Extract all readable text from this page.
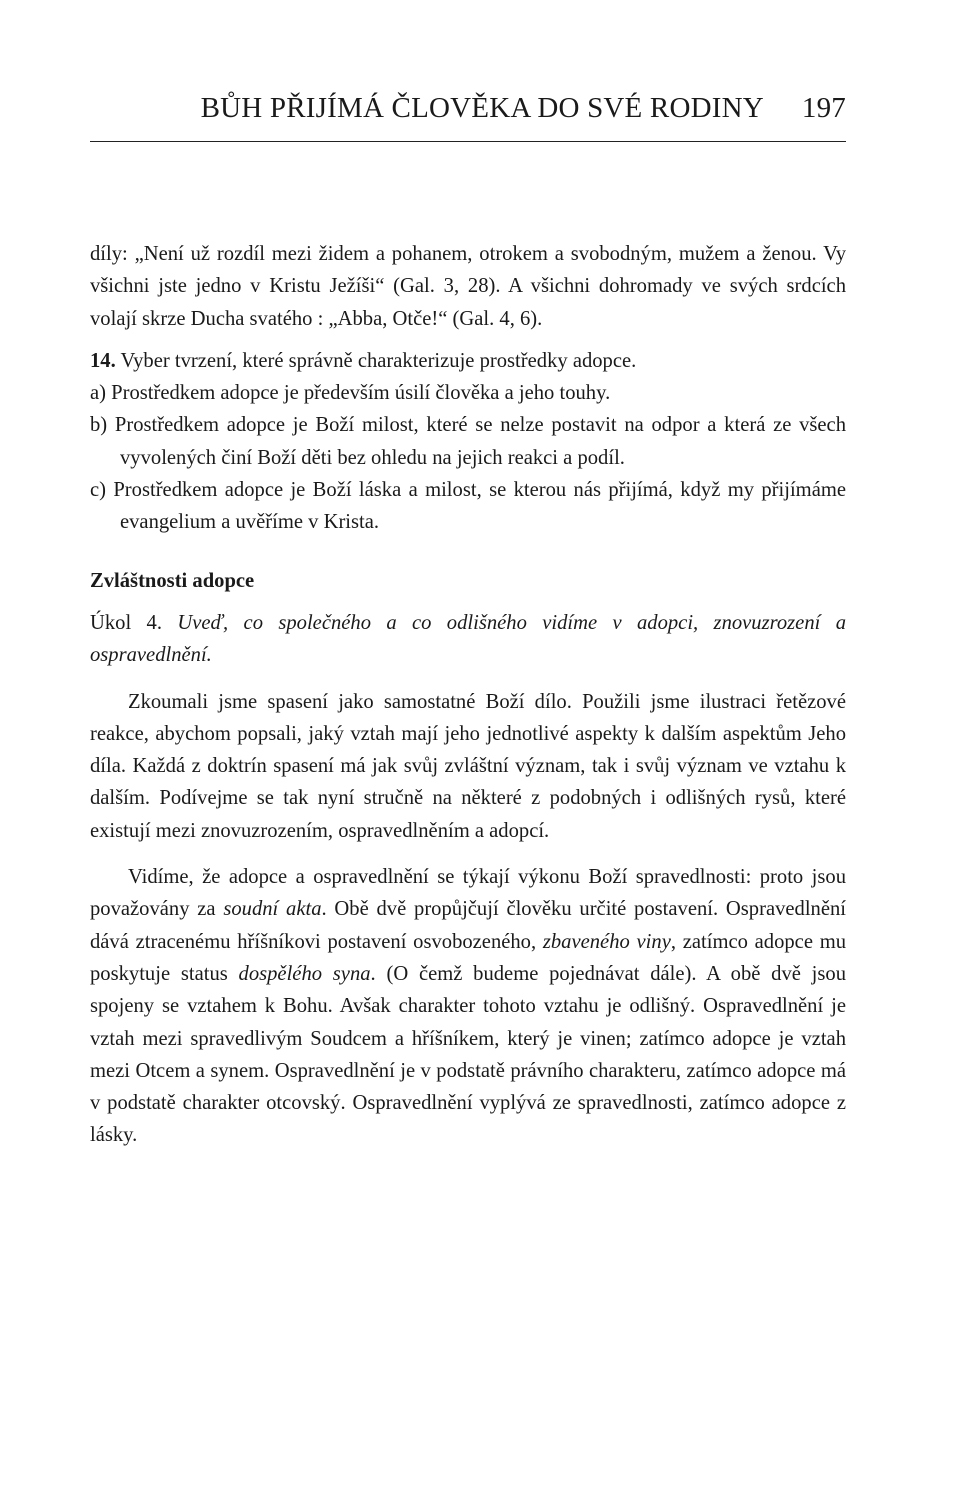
BŮH PŘIJÍMÁ ČLOVĚKA DO SVÉ RODINY 197

díly: „Není už rozdíl mezi židem a pohanem, otrokem a svobodným, mužem a ženou. Vy všichni jste jedno v Kristu Ježíši“ (Gal. 3, 28). A všichni dohromady ve svých srdcích volají skrze Ducha svatého : „Abba, Otče!“ (Gal. 4, 6).

14. Vyber tvrzení, které správně charakterizuje prostředky adopce.

a) Prostředkem adopce je především úsilí člověka a jeho touhy.

b) Prostředkem adopce je Boží milost, které se nelze postavit na odpor a která ze všech vyvolených činí Boží děti bez ohledu na jejich reakci a podíl.

c) Prostředkem adopce je Boží láska a milost, se kterou nás přijímá, když my přijímáme evangelium a uvěříme v Krista.

Zvláštnosti adopce

Úkol 4. Uveď, co společného a co odlišného vidíme v adopci, znovuzrození a ospravedlnění.

Zkoumali jsme spasení jako samostatné Boží dílo. Použili jsme ilustraci řetězové reakce, abychom popsali, jaký vztah mají jeho jednotlivé aspekty k dalším aspektům Jeho díla. Každá z doktrín spasení má jak svůj zvláštní význam, tak i svůj význam ve vztahu k dalším. Podívejme se tak nyní stručně na některé z podobných i odlišných rysů, které existují mezi znovuzrozením, ospravedlněním a adopcí.

Vidíme, že adopce a ospravedlnění se týkají výkonu Boží spravedlnosti: proto jsou považovány za soudní akta. Obě dvě propůjčují člověku určité postavení. Ospravedlnění dává ztracenému hříšníkovi postavení osvobozeného, zbaveného viny, zatímco adopce mu poskytuje status dospělého syna. (O čemž budeme pojednávat dále). A obě dvě jsou spojeny se vztahem k Bohu. Avšak charakter tohoto vztahu je odlišný. Ospravedlnění je vztah mezi spravedlivým Soudcem a hříšníkem, který je vinen; zatímco adopce je vztah mezi Otcem a synem. Ospravedlnění je v podstatě právního charakteru, zatímco adopce má v podstatě charakter otcovský. Ospravedlnění vyplývá ze spravedlnosti, zatímco adopce z lásky.
